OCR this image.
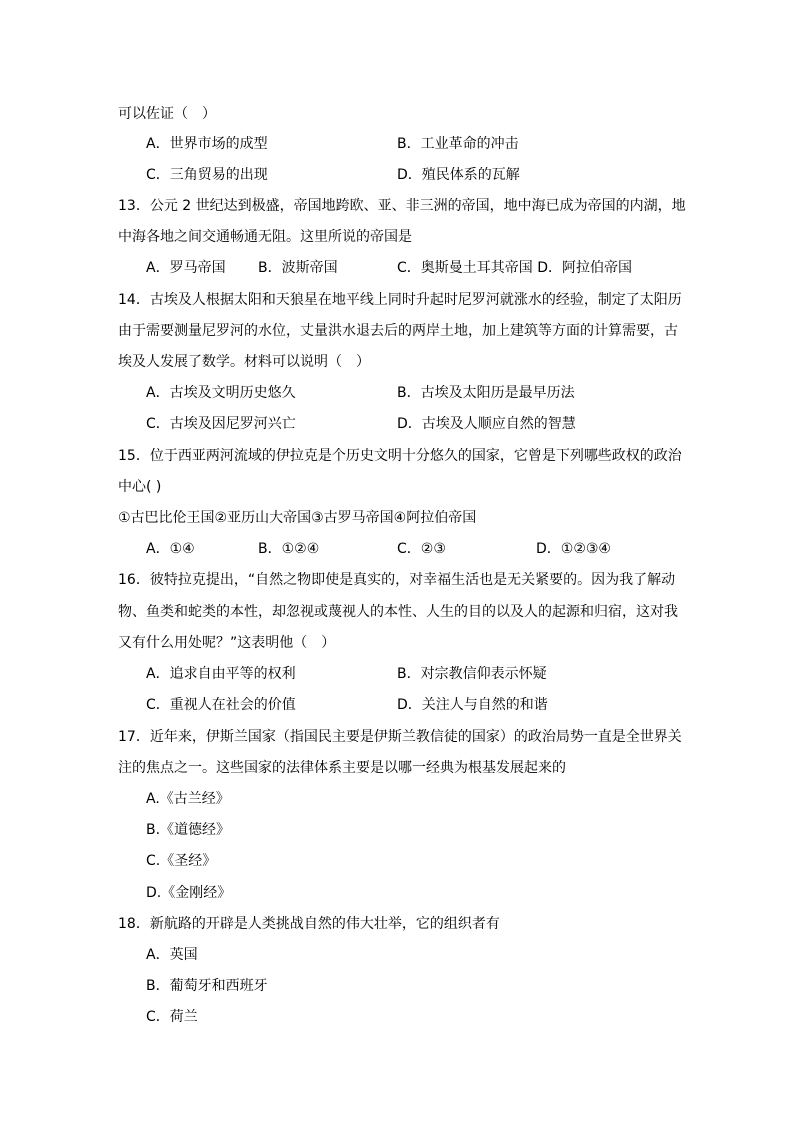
可以佐证（　）
A．世界市场的成型	B．工业革命的冲击
C．三角贸易的出现	D．殖民体系的瓦解
13．公元 2 世纪达到极盛，帝国地跨欧、亚、非三洲的帝国，地中海已成为帝国的内湖，地
中海各地之间交通畅通无阻。这里所说的帝国是
A．罗马帝国 B．波斯帝国	C．奥斯曼土耳其帝国 D．阿拉伯帝国
14．古埃及人根据太阳和天狼星在地平线上同时升起时尼罗河就涨水的经验，制定了太阳历
由于需要测量尼罗河的水位，丈量洪水退去后的两岸土地，加上建筑等方面的计算需要，古
埃及人发展了数学。材料可以说明（　）
A．古埃及文明历史悠久	B．古埃及太阳历是最早历法
C．古埃及因尼罗河兴亡	D．古埃及人顺应自然的智慧
15．位于西亚两河流域的伊拉克是个历史文明十分悠久的国家，它曾是下列哪些政权的政治
中心( )
①古巴比伦王国②亚历山大帝国③古罗马帝国④阿拉伯帝国
A．①④	B．①②④	C．②③	D．①②③④
16．彼特拉克提出，“自然之物即使是真实的，对幸福生活也是无关紧要的。因为我了解动
物、鱼类和蛇类的本性，却忽视或蔑视人的本性、人生的目的以及人的起源和归宿，这对我
又有什么用处呢？”这表明他（　）
A．追求自由平等的权利	B．对宗教信仰表示怀疑
C．重视人在社会的价值	D．关注人与自然的和谐
17．近年来，伊斯兰国家（指国民主要是伊斯兰教信徒的国家）的政治局势一直是全世界关
注的焦点之一。这些国家的法律体系主要是以哪一经典为根基发展起来的
A.《古兰经》
B.《道德经》
C.《圣经》
D.《金刚经》
18．新航路的开辟是人类挑战自然的伟大壮举，它的组织者有
A．英国
B．葡萄牙和西班牙
C．荷兰
